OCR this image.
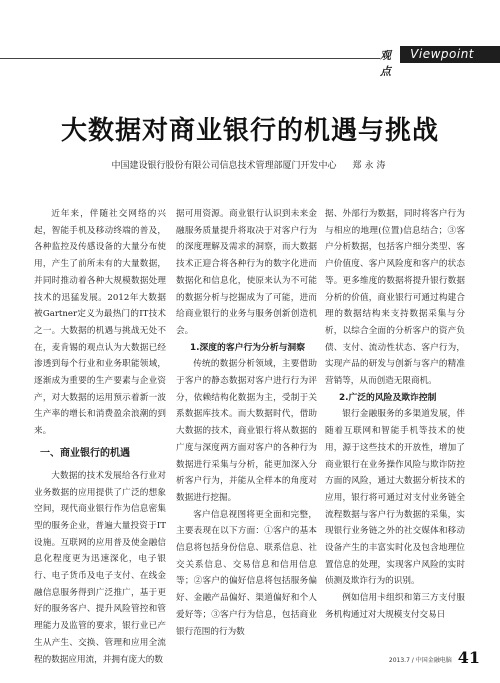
观点
Viewpoint
大数据对商业银行的机遇与挑战
中国建设银行股份有限公司信息技术管理部厦门开发中心 郑永涛

近年来，伴随社交网络的兴起，智能手机及移动终端的普及，各种监控及传感设备的大量分布使用，产生了前所未有的大量数据，并同时推动着各种大规模数据处理技术的迅猛发展。2012年大数据被Gartner定义为最热门的IT技术之一。大数据的机遇与挑战无处不在，麦肯锡的观点认为大数据已经渗透到每个行业和业务职能领域，逐渐成为重要的生产要素与企业资产，对大数据的运用预示着新一波生产率的增长和消费盈余浪潮的到来。

一、商业银行的机遇

大数据的技术发展给各行业对业务数据的应用提供了广泛的想象空间，现代商业银行作为信息密集型的服务企业，普遍大量投资于IT设施。互联网的应用普及使金融信息化程度更为迅速深化，电子银行、电子货币及电子支付、在线金融信息服务得到广泛推广，基于更好的服务客户、提升风险管控和管理能力及监管的要求，银行业已产生从产生、交换、管理和应用全流程的数据应用流，并拥有庞大的数

据可用资源。商业银行认识到未来金融服务质量提升将取决于对客户行为的深度理解及需求的洞察，而大数据技术正迎合将各种行为的数字化进而数据化和信息化，使原来认为不可能的数据分析与挖掘成为了可能，进而给商业银行的业务与服务创新创造机会。

1.深度的客户行为分析与洞察

传统的数据分析领域，主要借助于客户的静态数据对客户进行行为评分，依赖结构化数据为主，受制于关系数据库技术。而大数据时代，借助大数据的技术，商业银行将从数据的广度与深度两方面对客户的各种行为数据进行采集与分析，能更加深入分析客户行为，并能从全样本的角度对数据进行挖掘。

客户信息视图将更全面和完整，主要表现在以下方面：①客户的基本信息将包括身份信息、联系信息、社交关系信息、交易信息和信用信息等；②客户的偏好信息将包括服务偏好、金融产品偏好、渠道偏好和个人爱好等；③客户行为信息，包括商业银行范围的行为数

据、外部行为数据，同时将客户行为与相应的地理(位置)信息结合；③客户分析数据，包括客户细分类型、客户价值度、客户风险度和客户的状态等。更多维度的数据将提升银行数据分析的价值，商业银行可通过构建合理的数据结构来支持数据采集与分析，以综合全面的分析客户的资产负债、支付、流动性状态、客户行为，实现产品的研发与创新与客户的精准营销等，从而创造无限商机。

2.广泛的风险及欺诈控制

银行金融服务的多渠道发展，伴随着互联网和智能手机等技术的使用，源于这些技术的开放性，增加了商业银行在业务操作风险与欺诈防控方面的风险，通过大数据分析技术的应用，银行将可通过对支付业务链全流程数据与客户行为数据的采集，实现银行业务链之外的社交媒体和移动设备产生的丰富实时化及包含地理位置信息的处理，实现客户风险的实时侦测及欺诈行为的识别。

例如信用卡组织和第三方支付服务机构通过对大规模支付交易日

2013.7 / 中国金融电脑 41
